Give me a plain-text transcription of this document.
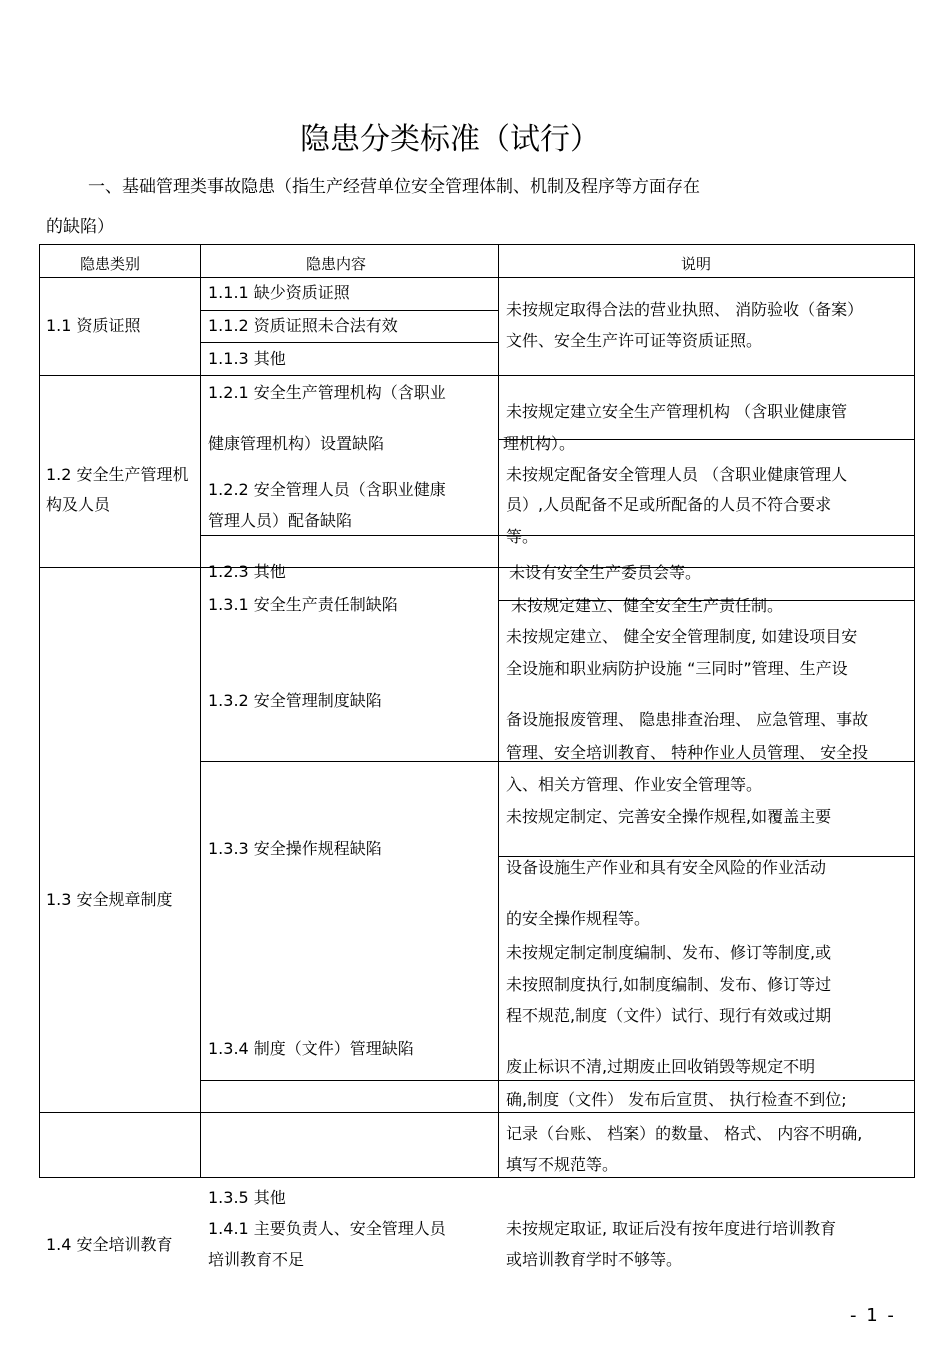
隐患分类标准（试行）
一、基础管理类事故隐患（指生产经营单位安全管理体制、机制及程序等方面存在
的缺陷）
隐患类别	隐患内容	说明
1.1 资质证照
1.2 安全生产管理机
构及人员
1.3 安全规章制度
1.4 安全培训教育
1.1.1 缺少资质证照
1.1.2 资质证照未合法有效
1.1.3 其他
1.2.1 安全生产管理机构（含职业
健康管理机构）设置缺陷
1.2.2 安全管理人员（含职业健康
管理人员）配备缺陷
1.2.3 其他
1.3.1 安全生产责任制缺陷
1.3.2 安全管理制度缺陷
1.3.3 安全操作规程缺陷
1.3.4 制度（文件）管理缺陷
1.3.5 其他
1.4.1 主要负责人、安全管理人员
培训教育不足
未按规定取得合法的营业执照、 消防验收（备案）
文件、安全生产许可证等资质证照。
未按规定建立安全生产管理机构 （含职业健康管
理机构）。
未按规定配备安全管理人员 （含职业健康管理人
员）,人员配备不足或所配备的人员不符合要求
等。
未设有安全生产委员会等。
未按规定建立、健全安全生产责任制。
未按规定建立、 健全安全管理制度, 如建设项目安
全设施和职业病防护设施 “三同时”管理、生产设
备设施报废管理、 隐患排查治理、 应急管理、事故
管理、安全培训教育、 特种作业人员管理、 安全投
入、相关方管理、作业安全管理等。
未按规定制定、完善安全操作规程,如覆盖主要
设备设施生产作业和具有安全风险的作业活动
的安全操作规程等。
未按规定制定制度编制、发布、修订等制度,或
未按照制度执行,如制度编制、发布、修订等过
程不规范,制度（文件）试行、现行有效或过期
废止标识不清,过期废止回收销毁等规定不明
确,制度（文件） 发布后宣贯、 执行检查不到位;
记录（台账、 档案）的数量、 格式、 内容不明确,
填写不规范等。
未按规定取证, 取证后没有按年度进行培训教育
或培训教育学时不够等。
- 1 -
